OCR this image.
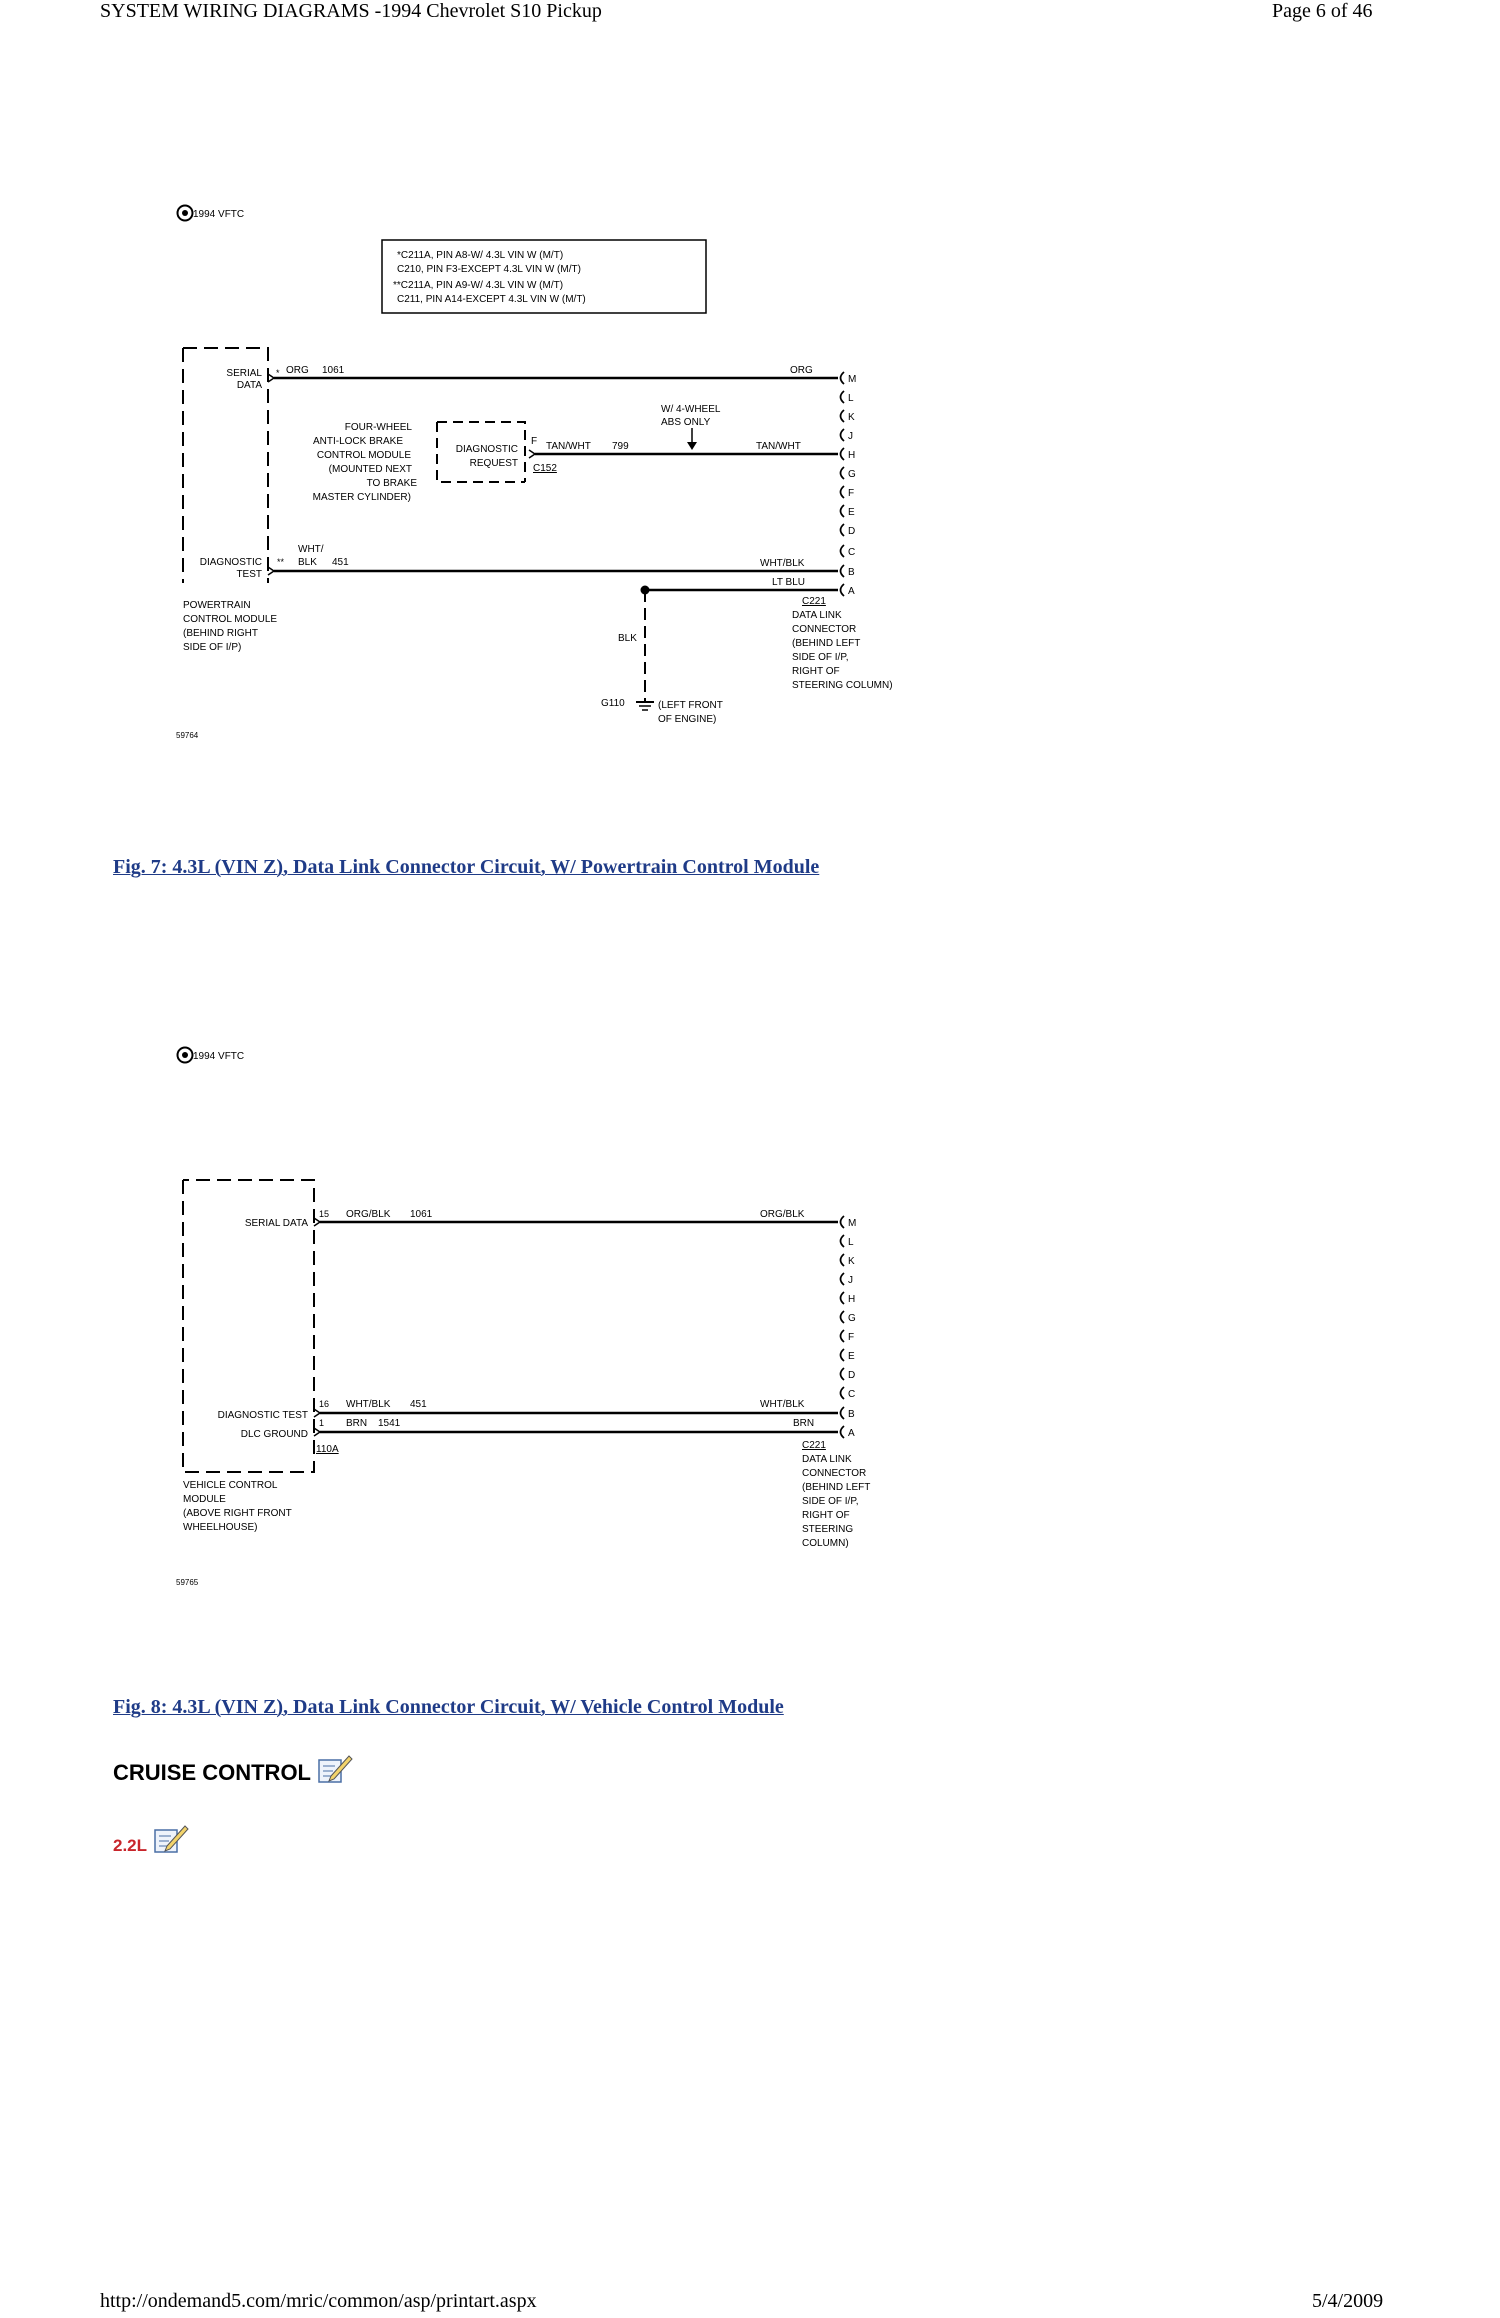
SYSTEM WIRING DIAGRAMS -1994 Chevrolet S10 Pickup	Page 6 of 46
1994 VFTC
*C211A, PIN A8-W/ 4.3L VIN W (M/T)
C210, PIN F3-EXCEPT 4.3L VIN W (M/T)
**C211A, PIN A9-W/ 4.3L VIN W (M/T)
C211, PIN A14-EXCEPT 4.3L VIN W (M/T)
SERIAL
DATA
DIAGNOSTIC
TEST
POWERTRAIN
CONTROL MODULE
(BEHIND RIGHT
SIDE OF I/P)
* ORG 1061	ORG
FOUR-WHEEL
ANTI-LOCK BRAKE
CONTROL MODULE
(MOUNTED NEXT
TO BRAKE
MASTER CYLINDER)
DIAGNOSTIC
REQUEST
F TAN/WHT 799
C152
TAN/WHT
W/ 4-WHEEL
ABS ONLY
WHT/
** BLK 451	WHT/BLK
LT BLU
BLK
G110	(LEFT FRONT
OF ENGINE)
M
L
K
J
H
G
F
E
D
C
B
A
C221
DATA LINK
CONNECTOR
(BEHIND LEFT
SIDE OF I/P,
RIGHT OF
STEERING COLUMN)
59764
Fig. 7: 4.3L (VIN Z), Data Link Connector Circuit, W/ Powertrain Control Module
1994 VFTC
SERIAL DATA
DIAGNOSTIC TEST
DLC GROUND
VEHICLE CONTROL
MODULE
(ABOVE RIGHT FRONT
WHEELHOUSE)
15 ORG/BLK 1061	ORG/BLK
16 WHT/BLK 451	WHT/BLK
1 BRN 1541	BRN
110A
M
L
K
J
H
G
F
E
D
C
B
A
C221
DATA LINK
CONNECTOR
(BEHIND LEFT
SIDE OF I/P,
RIGHT OF
STEERING
COLUMN)
59765
Fig. 8: 4.3L (VIN Z), Data Link Connector Circuit, W/ Vehicle Control Module
CRUISE CONTROL
2.2L
http://ondemand5.com/mric/common/asp/printart.aspx	5/4/2009
